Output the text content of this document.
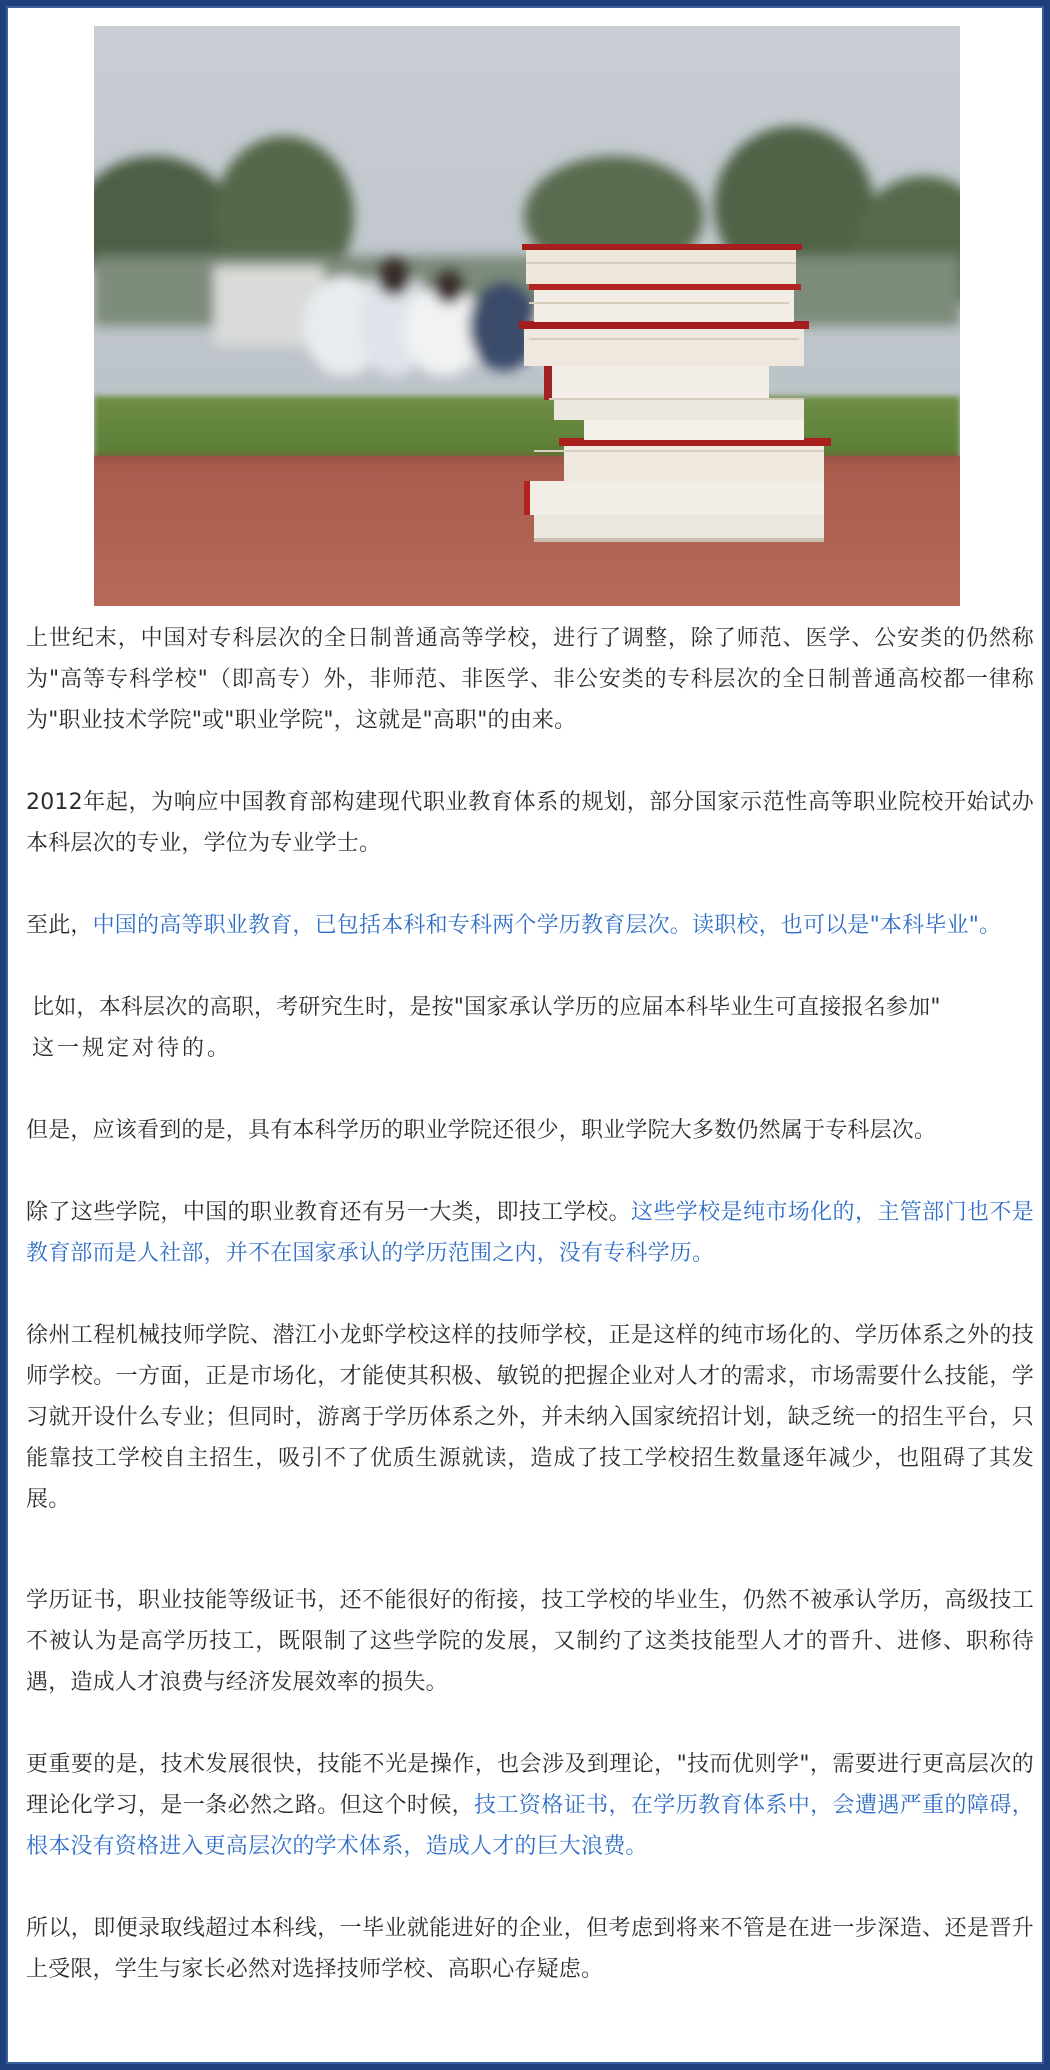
上世纪末，中国对专科层次的全日制普通高等学校，进行了调整，除了师范、医学、公安类的仍然称为"高等专科学校"（即高专）外，非师范、非医学、非公安类的专科层次的全日制普通高校都一律称为"职业技术学院"或"职业学院"，这就是"高职"的由来。

2012年起，为响应中国教育部构建现代职业教育体系的规划，部分国家示范性高等职业院校开始试办本科层次的专业，学位为专业学士。

至此，中国的高等职业教育，已包括本科和专科两个学历教育层次。读职校，也可以是"本科毕业"。

比如，本科层次的高职，考研究生时，是按"国家承认学历的应届本科毕业生可直接报名参加"
这一规定对待的。

但是，应该看到的是，具有本科学历的职业学院还很少，职业学院大多数仍然属于专科层次。

除了这些学院，中国的职业教育还有另一大类，即技工学校。这些学校是纯市场化的，主管部门也不是教育部而是人社部，并不在国家承认的学历范围之内，没有专科学历。

徐州工程机械技师学院、潜江小龙虾学校这样的技师学校，正是这样的纯市场化的、学历体系之外的技师学校。一方面，正是市场化，才能使其积极、敏锐的把握企业对人才的需求，市场需要什么技能，学习就开设什么专业；但同时，游离于学历体系之外，并未纳入国家统招计划，缺乏统一的招生平台，只能靠技工学校自主招生，吸引不了优质生源就读，造成了技工学校招生数量逐年减少，也阻碍了其发展。

学历证书，职业技能等级证书，还不能很好的衔接，技工学校的毕业生，仍然不被承认学历，高级技工不被认为是高学历技工，既限制了这些学院的发展，又制约了这类技能型人才的晋升、进修、职称待遇，造成人才浪费与经济发展效率的损失。

更重要的是，技术发展很快，技能不光是操作，也会涉及到理论，"技而优则学"，需要进行更高层次的理论化学习，是一条必然之路。但这个时候，技工资格证书，在学历教育体系中，会遭遇严重的障碍，根本没有资格进入更高层次的学术体系，造成人才的巨大浪费。

所以，即便录取线超过本科线，一毕业就能进好的企业，但考虑到将来不管是在进一步深造、还是晋升上受限，学生与家长必然对选择技师学校、高职心存疑虑。
